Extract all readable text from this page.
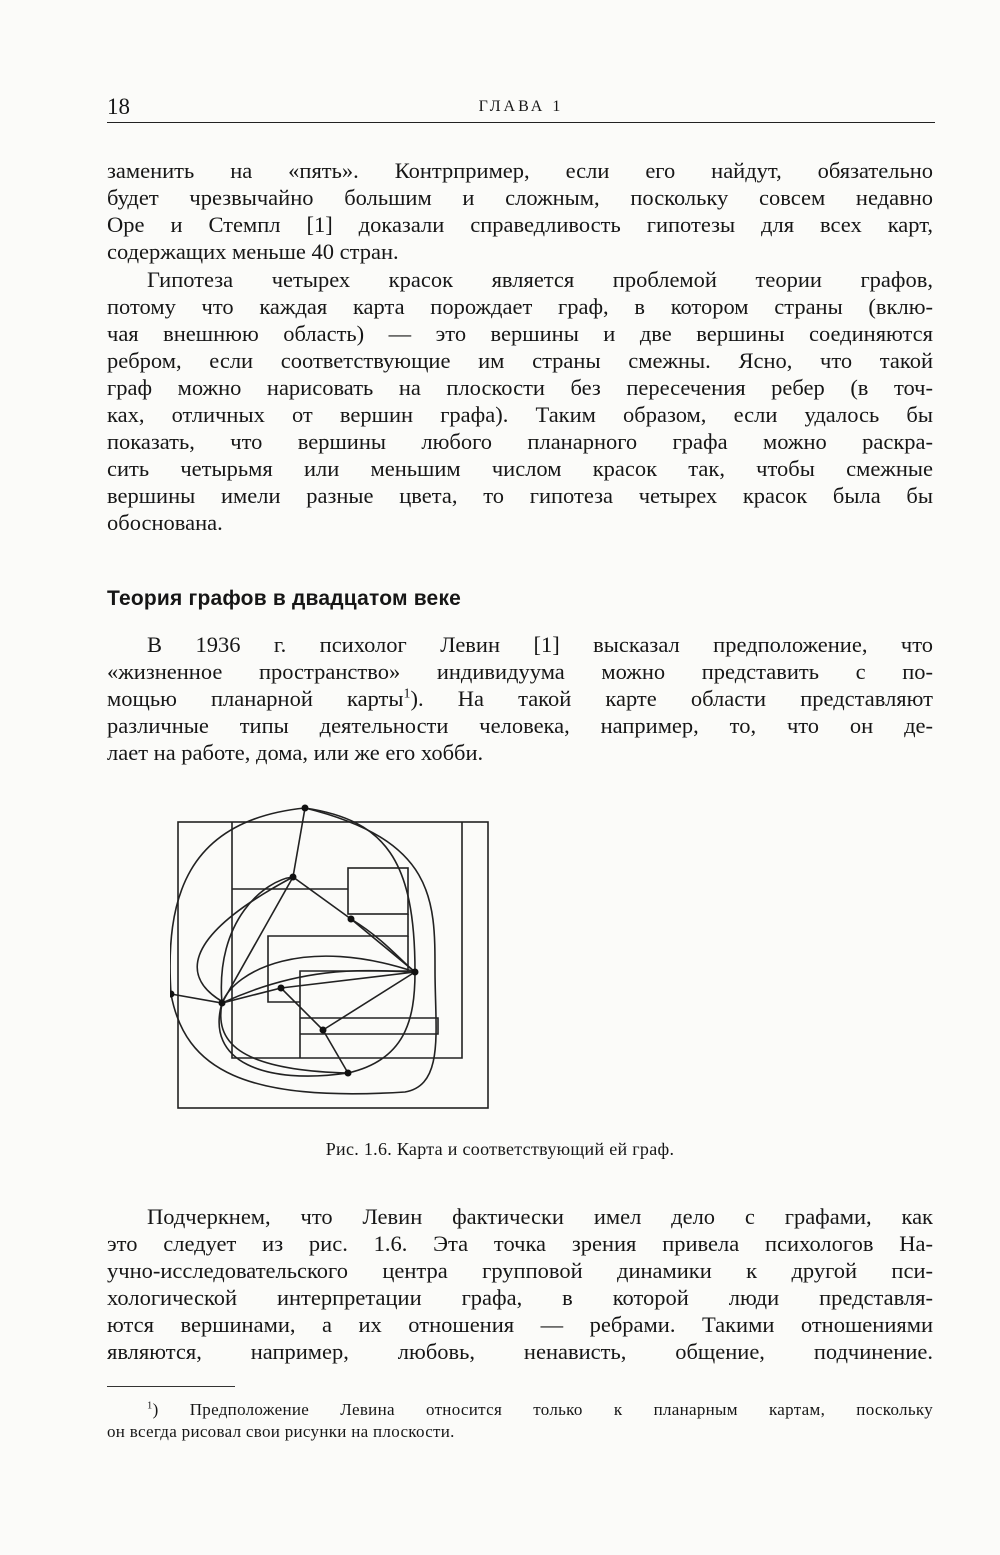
18	ГЛАВА 1
заменить на «пять». Контрпример, если его найдут, обязательно
будет чрезвычайно большим и сложным, поскольку совсем недавно
Оре и Стемпл [1] доказали справедливость гипотезы для всех карт,
содержащих меньше 40 стран.
Гипотеза четырех красок является проблемой теории графов,
потому что каждая карта порождает граф, в котором страны (вклю-
чая внешнюю область) — это вершины и две вершины соединяются
ребром, если соответствующие им страны смежны. Ясно, что такой
граф можно нарисовать на плоскости без пересечения ребер (в точ-
ках, отличных от вершин графа). Таким образом, если удалось бы
показать, что вершины любого планарного графа можно раскра-
сить четырьмя или меньшим числом красок так, чтобы смежные
вершины имели разные цвета, то гипотеза четырех красок была бы
обоснована.
Теория графов в двадцатом веке
В 1936 г. психолог Левин [1] высказал предположение, что
«жизненное пространство» индивидуума можно представить с по-
мощью планарной карты$^1$). На такой карте области представляют
различные типы деятельности человека, например, то, что он де-
лает на работе, дома, или же его хобби.
Рис. 1.6. Карта и соответствующий ей граф.
Подчеркнем, что Левин фактически имел дело с графами, как
это следует из рис. 1.6. Эта точка зрения привела психологов На-
учно-исследовательского центра групповой динамики к другой пси-
хологической интерпретации графа, в которой люди представля-
ются вершинами, а их отношения — ребрами. Такими отношениями
являются, например, любовь, ненависть, общение, подчинение.
$^1$) Предположение Левина относится только к планарным картам, поскольку
он всегда рисовал свои рисунки на плоскости.
